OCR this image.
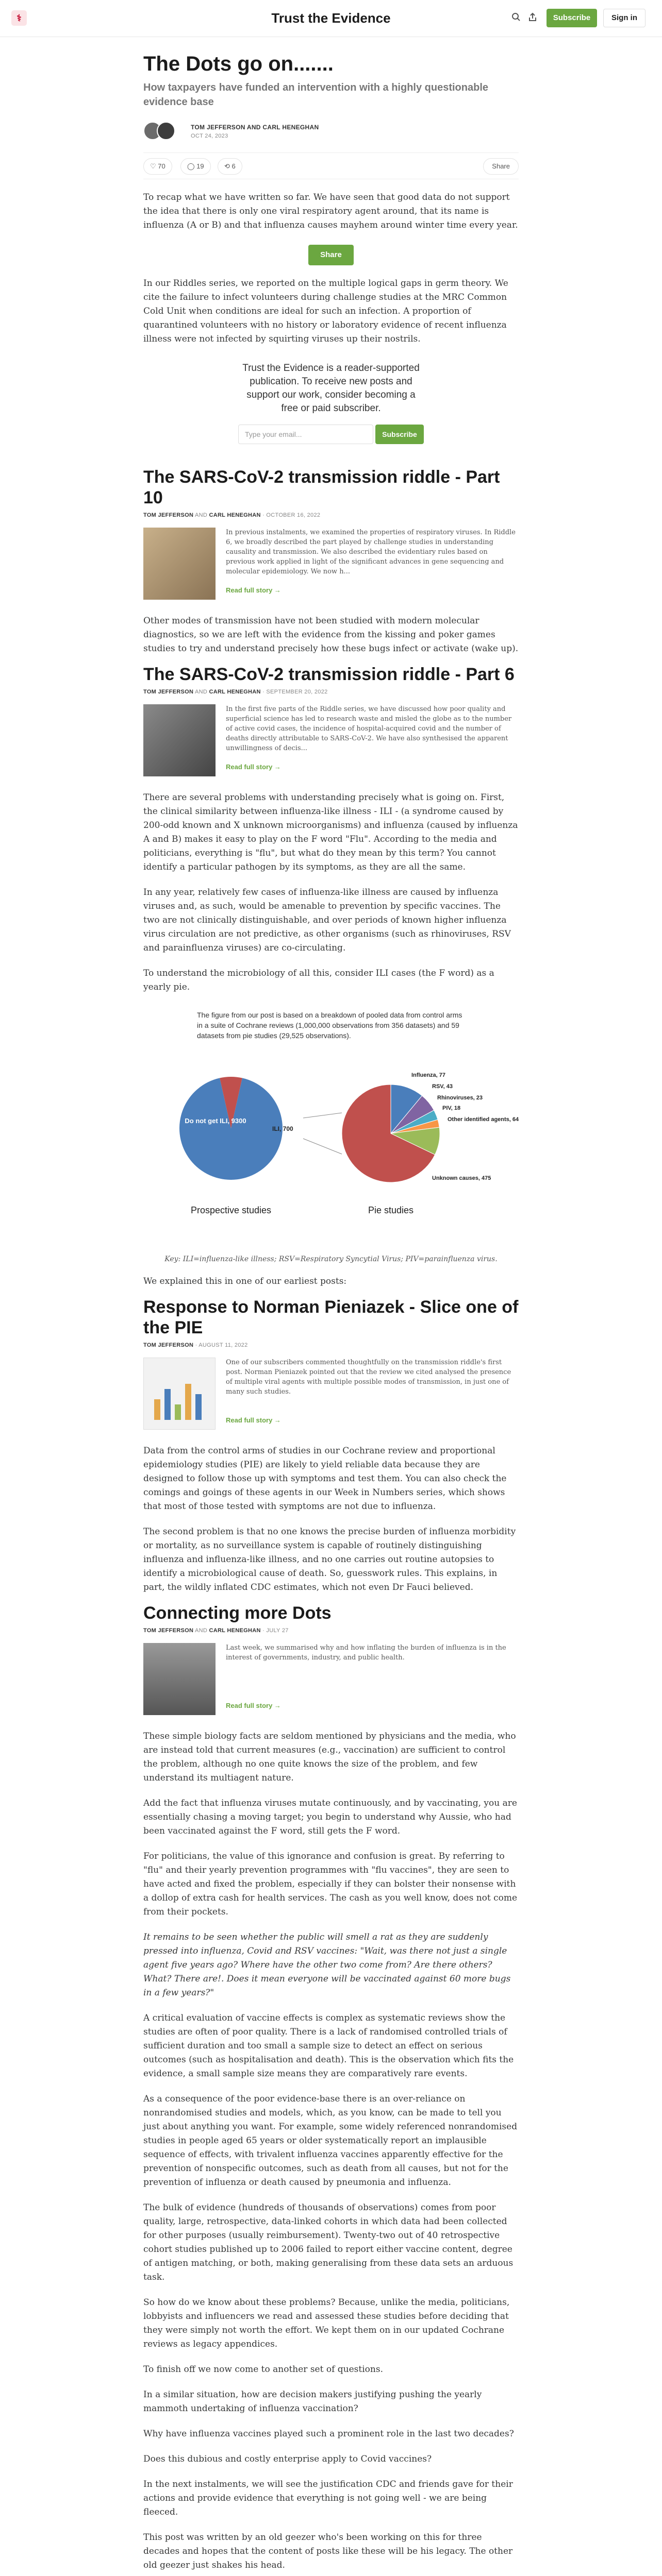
⚕	Trust the Evidence	Subscribe	Sign in
The Dots go on.......
How taxpayers have funded an intervention with a highly questionable evidence base
TOM JEFFERSON AND CARL HENEGHAN
OCT 24, 2023
♡ 70	◯ 19	⟲ 6	Share

To recap what we have written so far. We have seen that good data do not support the idea that there is only one viral respiratory agent around, that its name is influenza (A or B) and that influenza causes mayhem around winter time every year.

Share

In our Riddles series, we reported on the multiple logical gaps in germ theory. We cite the failure to infect volunteers during challenge studies at the MRC Common Cold Unit when conditions are ideal for such an infection. A proportion of quarantined volunteers with no history or laboratory evidence of recent influenza illness were not infected by squirting viruses up their nostrils.

Trust the Evidence is a reader-supported publication. To receive new posts and support our work, consider becoming a free or paid subscriber.
Type your email...	Subscribe
The SARS-CoV-2 transmission riddle - Part 10
TOM JEFFERSON AND CARL HENEGHAN · OCTOBER 16, 2022
In previous instalments, we examined the properties of respiratory viruses. In Riddle 6, we broadly described the part played by challenge studies in understanding causality and transmission. We also described the evidentiary rules based on previous work applied in light of the significant advances in gene sequencing and molecular epidemiology. We now h...
Read full story →

Other modes of transmission have not been studied with modern molecular diagnostics, so we are left with the evidence from the kissing and poker games studies to try and understand precisely how these bugs infect or activate (wake up).

The SARS-CoV-2 transmission riddle - Part 6
TOM JEFFERSON AND CARL HENEGHAN · SEPTEMBER 20, 2022
In the first five parts of the Riddle series, we have discussed how poor quality and superficial science has led to research waste and misled the globe as to the number of active covid cases, the incidence of hospital-acquired covid and the number of deaths directly attributable to SARS-CoV-2. We have also synthesised the apparent unwillingness of decis...
Read full story →

There are several problems with understanding precisely what is going on. First, the clinical similarity between influenza-like illness - ILI - (a syndrome caused by 200-odd known and X unknown microorganisms) and influenza (caused by influenza A and B) makes it easy to play on the F word "Flu". According to the media and politicians, everything is "flu", but what do they mean by this term? You cannot identify a particular pathogen by its symptoms, as they are all the same.

In any year, relatively few cases of influenza-like illness are caused by influenza viruses and, as such, would be amenable to prevention by specific vaccines. The two are not clinically distinguishable, and over periods of known higher influenza virus circulation are not predictive, as other organisms (such as rhinoviruses, RSV and parainfluenza viruses) are co-circulating.

To understand the microbiology of all this, consider ILI cases (the F word) as a yearly pie.

The figure from our post is based on a breakdown of pooled data from control arms in a suite of Cochrane reviews (1,000,000 observations from 356 datasets) and 59 datasets from pie studies (29,525 observations).
Do not get ILI, 9300
ILI, 700
Prospective studies
Influenza, 77
RSV, 43
Rhinoviruses, 23
PIV, 18
Other identified agents, 64
Unknown causes, 475
Pie studies
Key: ILI=influenza-like illness; RSV=Respiratory Syncytial Virus; PIV=parainfluenza virus.

We explained this in one of our earliest posts:

Response to Norman Pieniazek - Slice one of the PIE
TOM JEFFERSON · AUGUST 11, 2022
One of our subscribers commented thoughtfully on the transmission riddle's first post. Norman Pieniazek pointed out that the review we cited analysed the presence of multiple viral agents with multiple possible modes of transmission, in just one of many such studies.
Read full story →

Data from the control arms of studies in our Cochrane review and proportional epidemiology studies (PIE) are likely to yield reliable data because they are designed to follow those up with symptoms and test them. You can also check the comings and goings of these agents in our Week in Numbers series, which shows that most of those tested with symptoms are not due to influenza.

The second problem is that no one knows the precise burden of influenza morbidity or mortality, as no surveillance system is capable of routinely distinguishing influenza and influenza-like illness, and no one carries out routine autopsies to identify a microbiological cause of death. So, guesswork rules. This explains, in part, the wildly inflated CDC estimates, which not even Dr Fauci believed.

Connecting more Dots
TOM JEFFERSON AND CARL HENEGHAN · JULY 27
Last week, we summarised why and how inflating the burden of influenza is in the interest of governments, industry, and public health.
Read full story →

These simple biology facts are seldom mentioned by physicians and the media, who are instead told that current measures (e.g., vaccination) are sufficient to control the problem, although no one quite knows the size of the problem, and few understand its multiagent nature.

Add the fact that influenza viruses mutate continuously, and by vaccinating, you are essentially chasing a moving target; you begin to understand why Aussie, who had been vaccinated against the F word, still gets the F word.

For politicians, the value of this ignorance and confusion is great. By referring to "flu" and their yearly prevention programmes with "flu vaccines", they are seen to have acted and fixed the problem, especially if they can bolster their nonsense with a dollop of extra cash for health services. The cash as you well know, does not come from their pockets.

It remains to be seen whether the public will smell a rat as they are suddenly pressed into influenza, Covid and RSV vaccines: "Wait, was there not just a single agent five years ago? Where have the other two come from? Are there others? What? There are!. Does it mean everyone will be vaccinated against 60 more bugs in a few years?"

A critical evaluation of vaccine effects is complex as systematic reviews show the studies are often of poor quality. There is a lack of randomised controlled trials of sufficient duration and too small a sample size to detect an effect on serious outcomes (such as hospitalisation and death). This is the observation which fits the evidence, a small sample size means they are comparatively rare events.

As a consequence of the poor evidence-base there is an over-reliance on nonrandomised studies and models, which, as you know, can be made to tell you just about anything you want. For example, some widely referenced nonrandomised studies in people aged 65 years or older systematically report an implausible sequence of effects, with trivalent influenza vaccines apparently effective for the prevention of nonspecific outcomes, such as death from all causes, but not for the prevention of influenza or death caused by pneumonia and influenza.

The bulk of evidence (hundreds of thousands of observations) comes from poor quality, large, retrospective, data-linked cohorts in which data had been collected for other purposes (usually reimbursement). Twenty-two out of 40 retrospective cohort studies published up to 2006 failed to report either vaccine content, degree of antigen matching, or both, making generalising from these data sets an arduous task.

So how do we know about these problems? Because, unlike the media, politicians, lobbyists and influencers we read and assessed these studies before deciding that they were simply not worth the effort. We kept them on in our updated Cochrane reviews as legacy appendices.

To finish off we now come to another set of questions.

In a similar situation, how are decision makers justifying pushing the yearly mammoth undertaking of influenza vaccination?

Why have influenza vaccines played such a prominent role in the last two decades?

Does this dubious and costly enterprise apply to Covid vaccines?

In the next instalments, we will see the justification CDC and friends gave for their actions and provide evidence that everything is not going well - we are being fleeced.

This post was written by an old geezer who's been working on this for three decades and hopes that the content of posts like these will be his legacy. The other old geezer just shakes his head.
